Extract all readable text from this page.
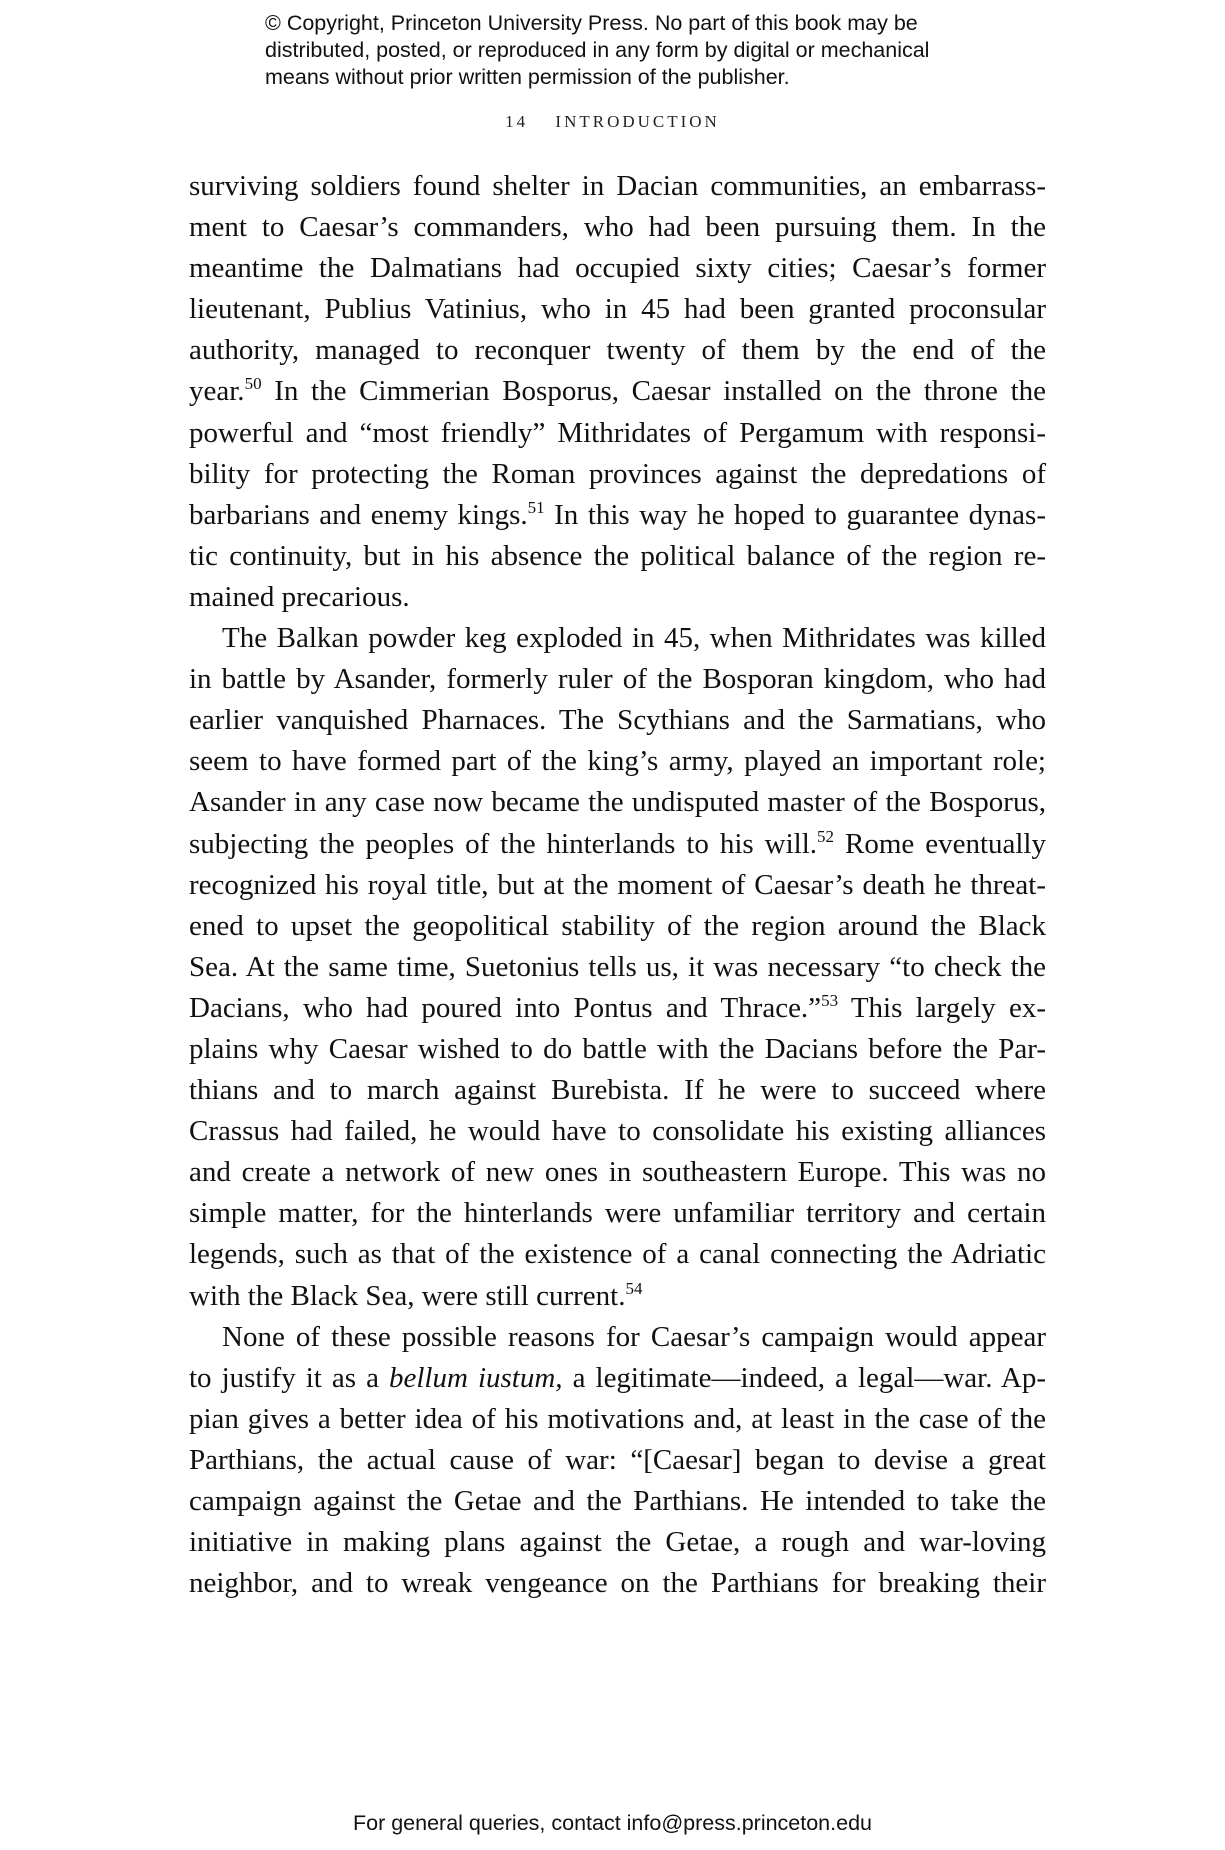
© Copyright, Princeton University Press. No part of this book may be
distributed, posted, or reproduced in any form by digital or mechanical
means without prior written permission of the publisher.
14 INTRODUCTION
surviving soldiers found shelter in Dacian communities, an embarrass-
ment to Caesar’s commanders, who had been pursuing them. In the
meantime the Dalmatians had occupied sixty cities; Caesar’s former
lieutenant, Publius Vatinius, who in 45 had been granted proconsular
authority, managed to reconquer twenty of them by the end of the
year.$^{50}$ In the Cimmerian Bosporus, Caesar installed on the throne the
powerful and “most friendly” Mithridates of Pergamum with responsi-
bility for protecting the Roman provinces against the depredations of
barbarians and enemy kings.$^{51}$ In this way he hoped to guarantee dynas-
tic continuity, but in his absence the political balance of the region re-
mained precarious.
The Balkan powder keg exploded in 45, when Mithridates was killed
in battle by Asander, formerly ruler of the Bosporan kingdom, who had
earlier vanquished Pharnaces. The Scythians and the Sarmatians, who
seem to have formed part of the king’s army, played an important role;
Asander in any case now became the undisputed master of the Bosporus,
subjecting the peoples of the hinterlands to his will.$^{52}$ Rome eventually
recognized his royal title, but at the moment of Caesar’s death he threat-
ened to upset the geopolitical stability of the region around the Black
Sea. At the same time, Suetonius tells us, it was necessary “to check the
Dacians, who had poured into Pontus and Thrace.”$^{53}$ This largely ex-
plains why Caesar wished to do battle with the Dacians before the Par-
thians and to march against Burebista. If he were to succeed where
Crassus had failed, he would have to consolidate his existing alliances
and create a network of new ones in southeastern Europe. This was no
simple matter, for the hinterlands were unfamiliar territory and certain
legends, such as that of the existence of a canal connecting the Adriatic
with the Black Sea, were still current.$^{54}$
None of these possible reasons for Caesar’s campaign would appear
to justify it as a bellum iustum, a legitimate—indeed, a legal—war. Ap-
pian gives a better idea of his motivations and, at least in the case of the
Parthians, the actual cause of war: “[Caesar] began to devise a great
campaign against the Getae and the Parthians. He intended to take the
initiative in making plans against the Getae, a rough and war-loving
neighbor, and to wreak vengeance on the Parthians for breaking their
For general queries, contact info@press.princeton.edu
